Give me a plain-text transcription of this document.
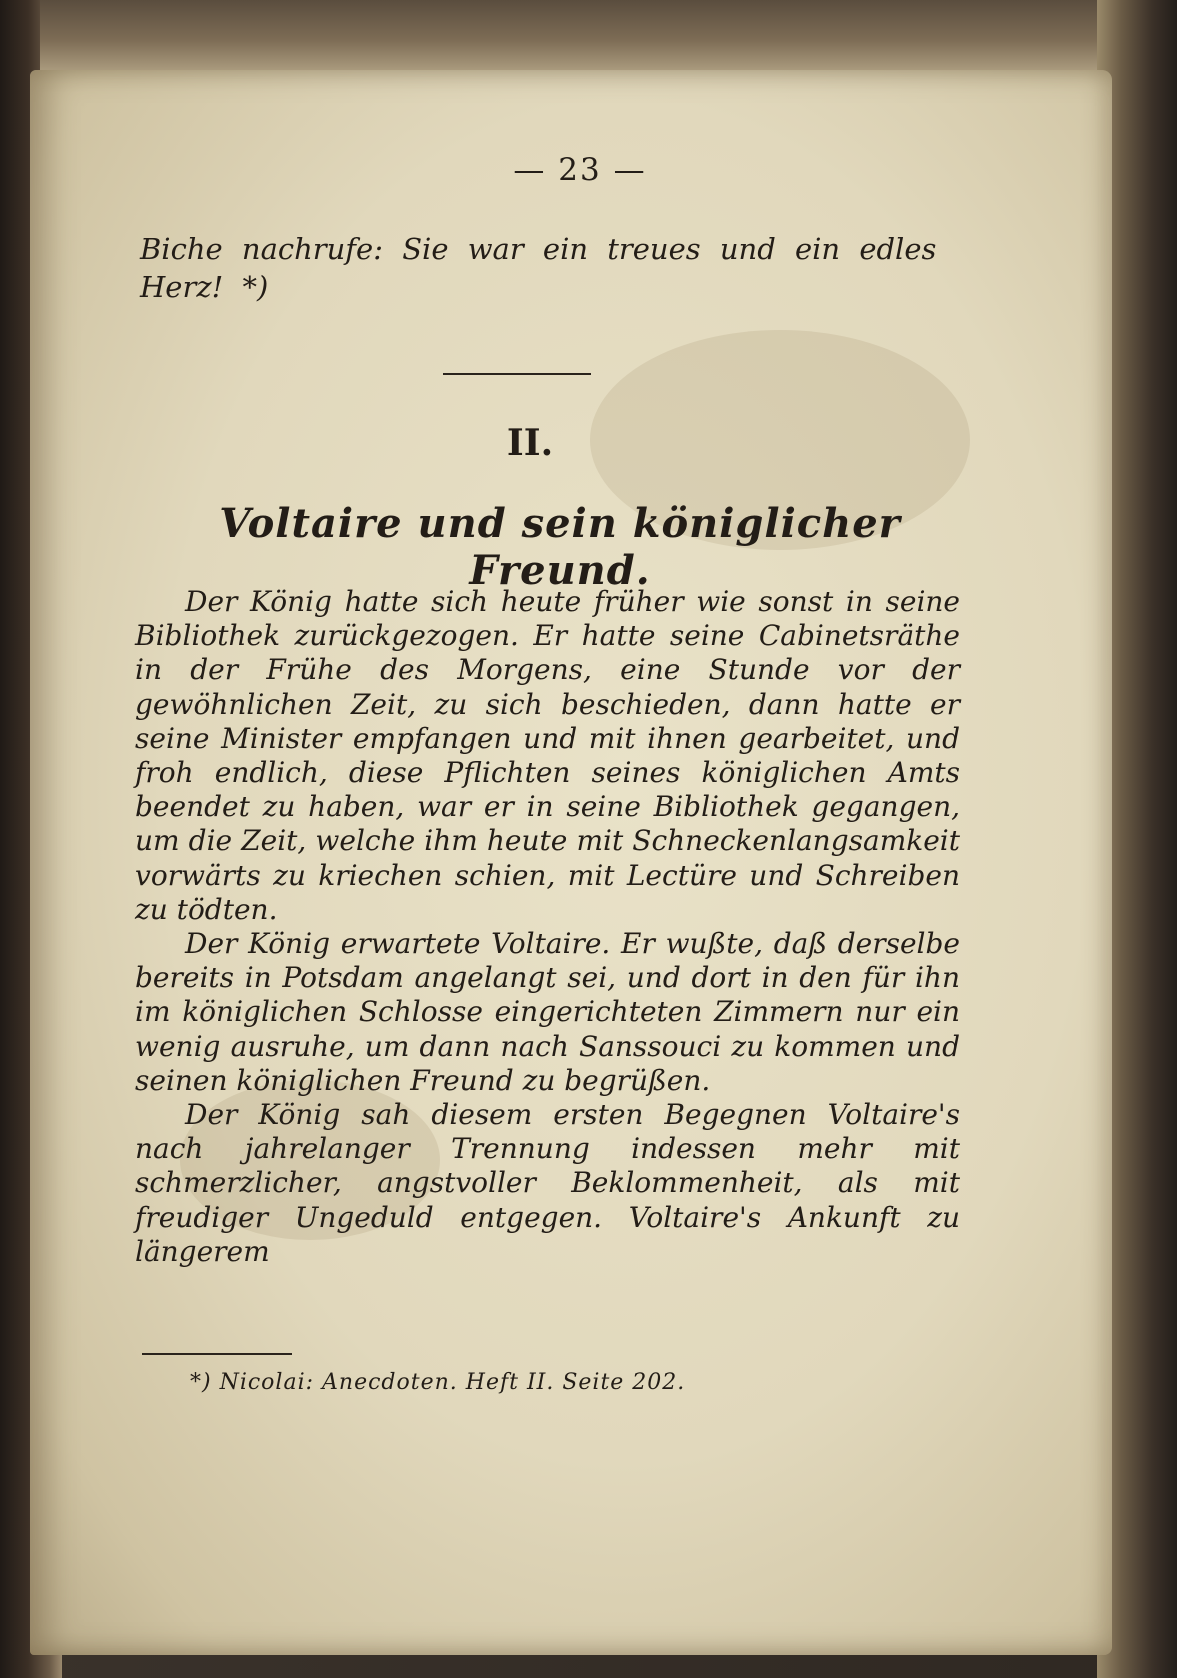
— 23 —
Biche nachrufe: Sie war ein treues und ein edles Herz! *)
II.
Voltaire und sein königlicher Freund.

Der König hatte sich heute früher wie sonst in seine Bibliothek zurückgezogen. Er hatte seine Cabinetsräthe in der Frühe des Morgens, eine Stunde vor der gewöhnlichen Zeit, zu sich beschieden, dann hatte er seine Minister empfangen und mit ihnen gearbeitet, und froh endlich, diese Pflichten seines königlichen Amts beendet zu haben, war er in seine Bibliothek gegangen, um die Zeit, welche ihm heute mit Schneckenlangsamkeit vorwärts zu kriechen schien, mit Lectüre und Schreiben zu tödten.

Der König erwartete Voltaire. Er wußte, daß derselbe bereits in Potsdam angelangt sei, und dort in den für ihn im königlichen Schlosse eingerichteten Zimmern nur ein wenig ausruhe, um dann nach Sanssouci zu kommen und seinen königlichen Freund zu begrüßen.

Der König sah diesem ersten Begegnen Voltaire's nach jahrelanger Trennung indessen mehr mit schmerzlicher, angstvoller Beklommenheit, als mit freudiger Ungeduld entgegen. Voltaire's Ankunft zu längerem

*) Nicolai: Anecdoten. Heft II. Seite 202.
